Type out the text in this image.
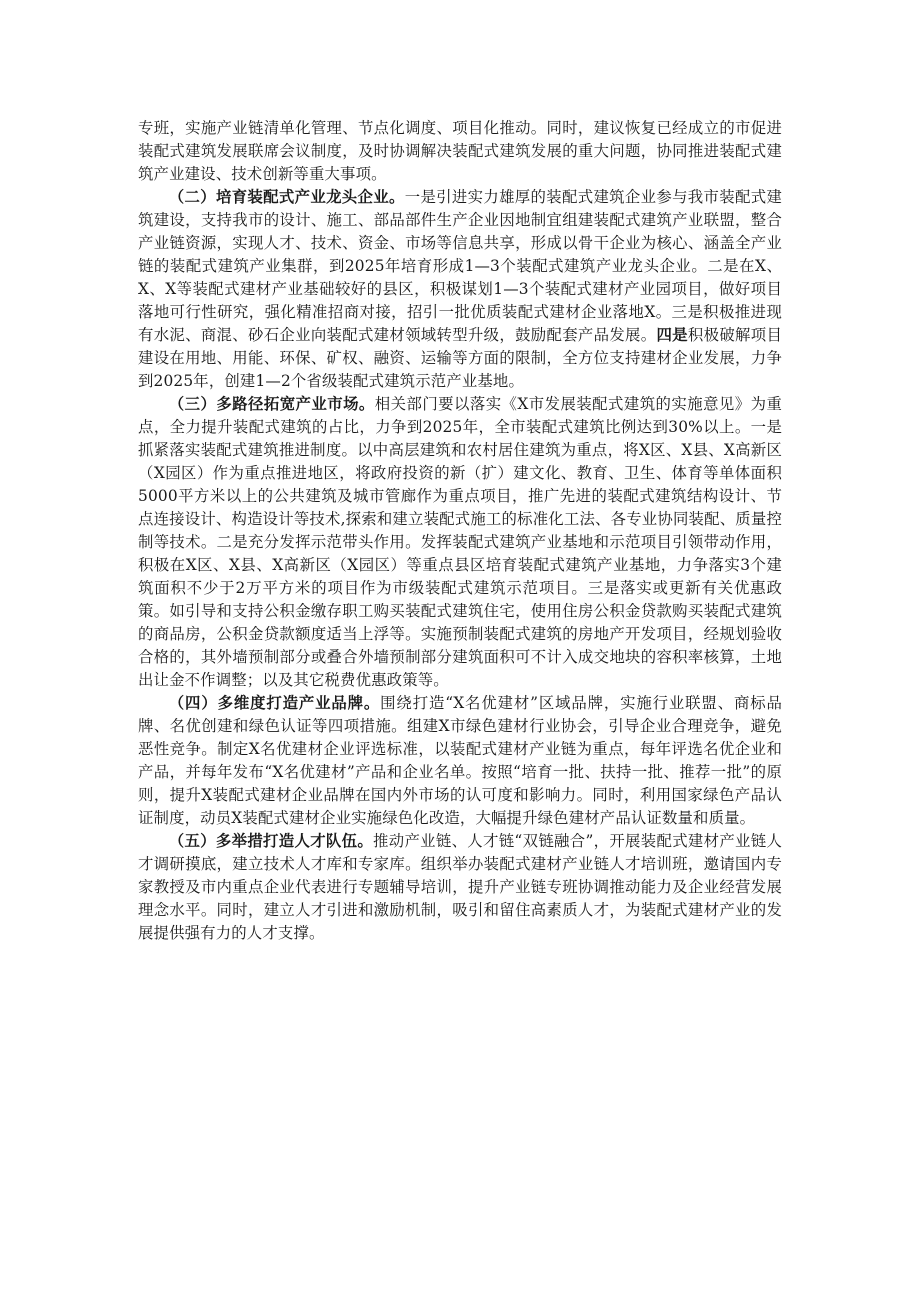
专班，实施产业链清单化管理、节点化调度、项目化推动。同时，建议恢复已经成立的市促进装配式建筑发展联席会议制度，及时协调解决装配式建筑发展的重大问题，协同推进装配式建筑产业建设、技术创新等重大事项。

（二）培育装配式产业龙头企业。一是引进实力雄厚的装配式建筑企业参与我市装配式建筑建设，支持我市的设计、施工、部品部件生产企业因地制宜组建装配式建筑产业联盟，整合产业链资源，实现人才、技术、资金、市场等信息共享，形成以骨干企业为核心、涵盖全产业链的装配式建筑产业集群，到2025年培育形成1—3个装配式建筑产业龙头企业。二是在X、X、X等装配式建材产业基础较好的县区，积极谋划1—3个装配式建材产业园项目，做好项目落地可行性研究，强化精准招商对接，招引一批优质装配式建材企业落地X。三是积极推进现有水泥、商混、砂石企业向装配式建材领域转型升级，鼓励配套产品发展。四是积极破解项目建设在用地、用能、环保、矿权、融资、运输等方面的限制，全方位支持建材企业发展，力争到2025年，创建1—2个省级装配式建筑示范产业基地。

（三）多路径拓宽产业市场。相关部门要以落实《X市发展装配式建筑的实施意见》为重点，全力提升装配式建筑的占比，力争到2025年，全市装配式建筑比例达到30%以上。一是抓紧落实装配式建筑推进制度。以中高层建筑和农村居住建筑为重点，将X区、X县、X高新区（X园区）作为重点推进地区，将政府投资的新（扩）建文化、教育、卫生、体育等单体面积5000平方米以上的公共建筑及城市管廊作为重点项目，推广先进的装配式建筑结构设计、节点连接设计、构造设计等技术,探索和建立装配式施工的标准化工法、各专业协同装配、质量控制等技术。二是充分发挥示范带头作用。发挥装配式建筑产业基地和示范项目引领带动作用，积极在X区、X县、X高新区（X园区）等重点县区培育装配式建筑产业基地，力争落实3个建筑面积不少于2万平方米的项目作为市级装配式建筑示范项目。三是落实或更新有关优惠政策。如引导和支持公积金缴存职工购买装配式建筑住宅，使用住房公积金贷款购买装配式建筑的商品房，公积金贷款额度适当上浮等。实施预制装配式建筑的房地产开发项目，经规划验收合格的，其外墙预制部分或叠合外墙预制部分建筑面积可不计入成交地块的容积率核算，土地出让金不作调整；以及其它税费优惠政策等。

（四）多维度打造产业品牌。围绕打造“X名优建材”区域品牌，实施行业联盟、商标品牌、名优创建和绿色认证等四项措施。组建X市绿色建材行业协会，引导企业合理竞争，避免恶性竞争。制定X名优建材企业评选标准，以装配式建材产业链为重点，每年评选名优企业和产品，并每年发布“X名优建材”产品和企业名单。按照“培育一批、扶持一批、推荐一批”的原则，提升X装配式建材企业品牌在国内外市场的认可度和影响力。同时，利用国家绿色产品认证制度，动员X装配式建材企业实施绿色化改造，大幅提升绿色建材产品认证数量和质量。

（五）多举措打造人才队伍。推动产业链、人才链“双链融合”，开展装配式建材产业链人才调研摸底，建立技术人才库和专家库。组织举办装配式建材产业链人才培训班，邀请国内专家教授及市内重点企业代表进行专题辅导培训，提升产业链专班协调推动能力及企业经营发展理念水平。同时，建立人才引进和激励机制，吸引和留住高素质人才，为装配式建材产业的发展提供强有力的人才支撑。
